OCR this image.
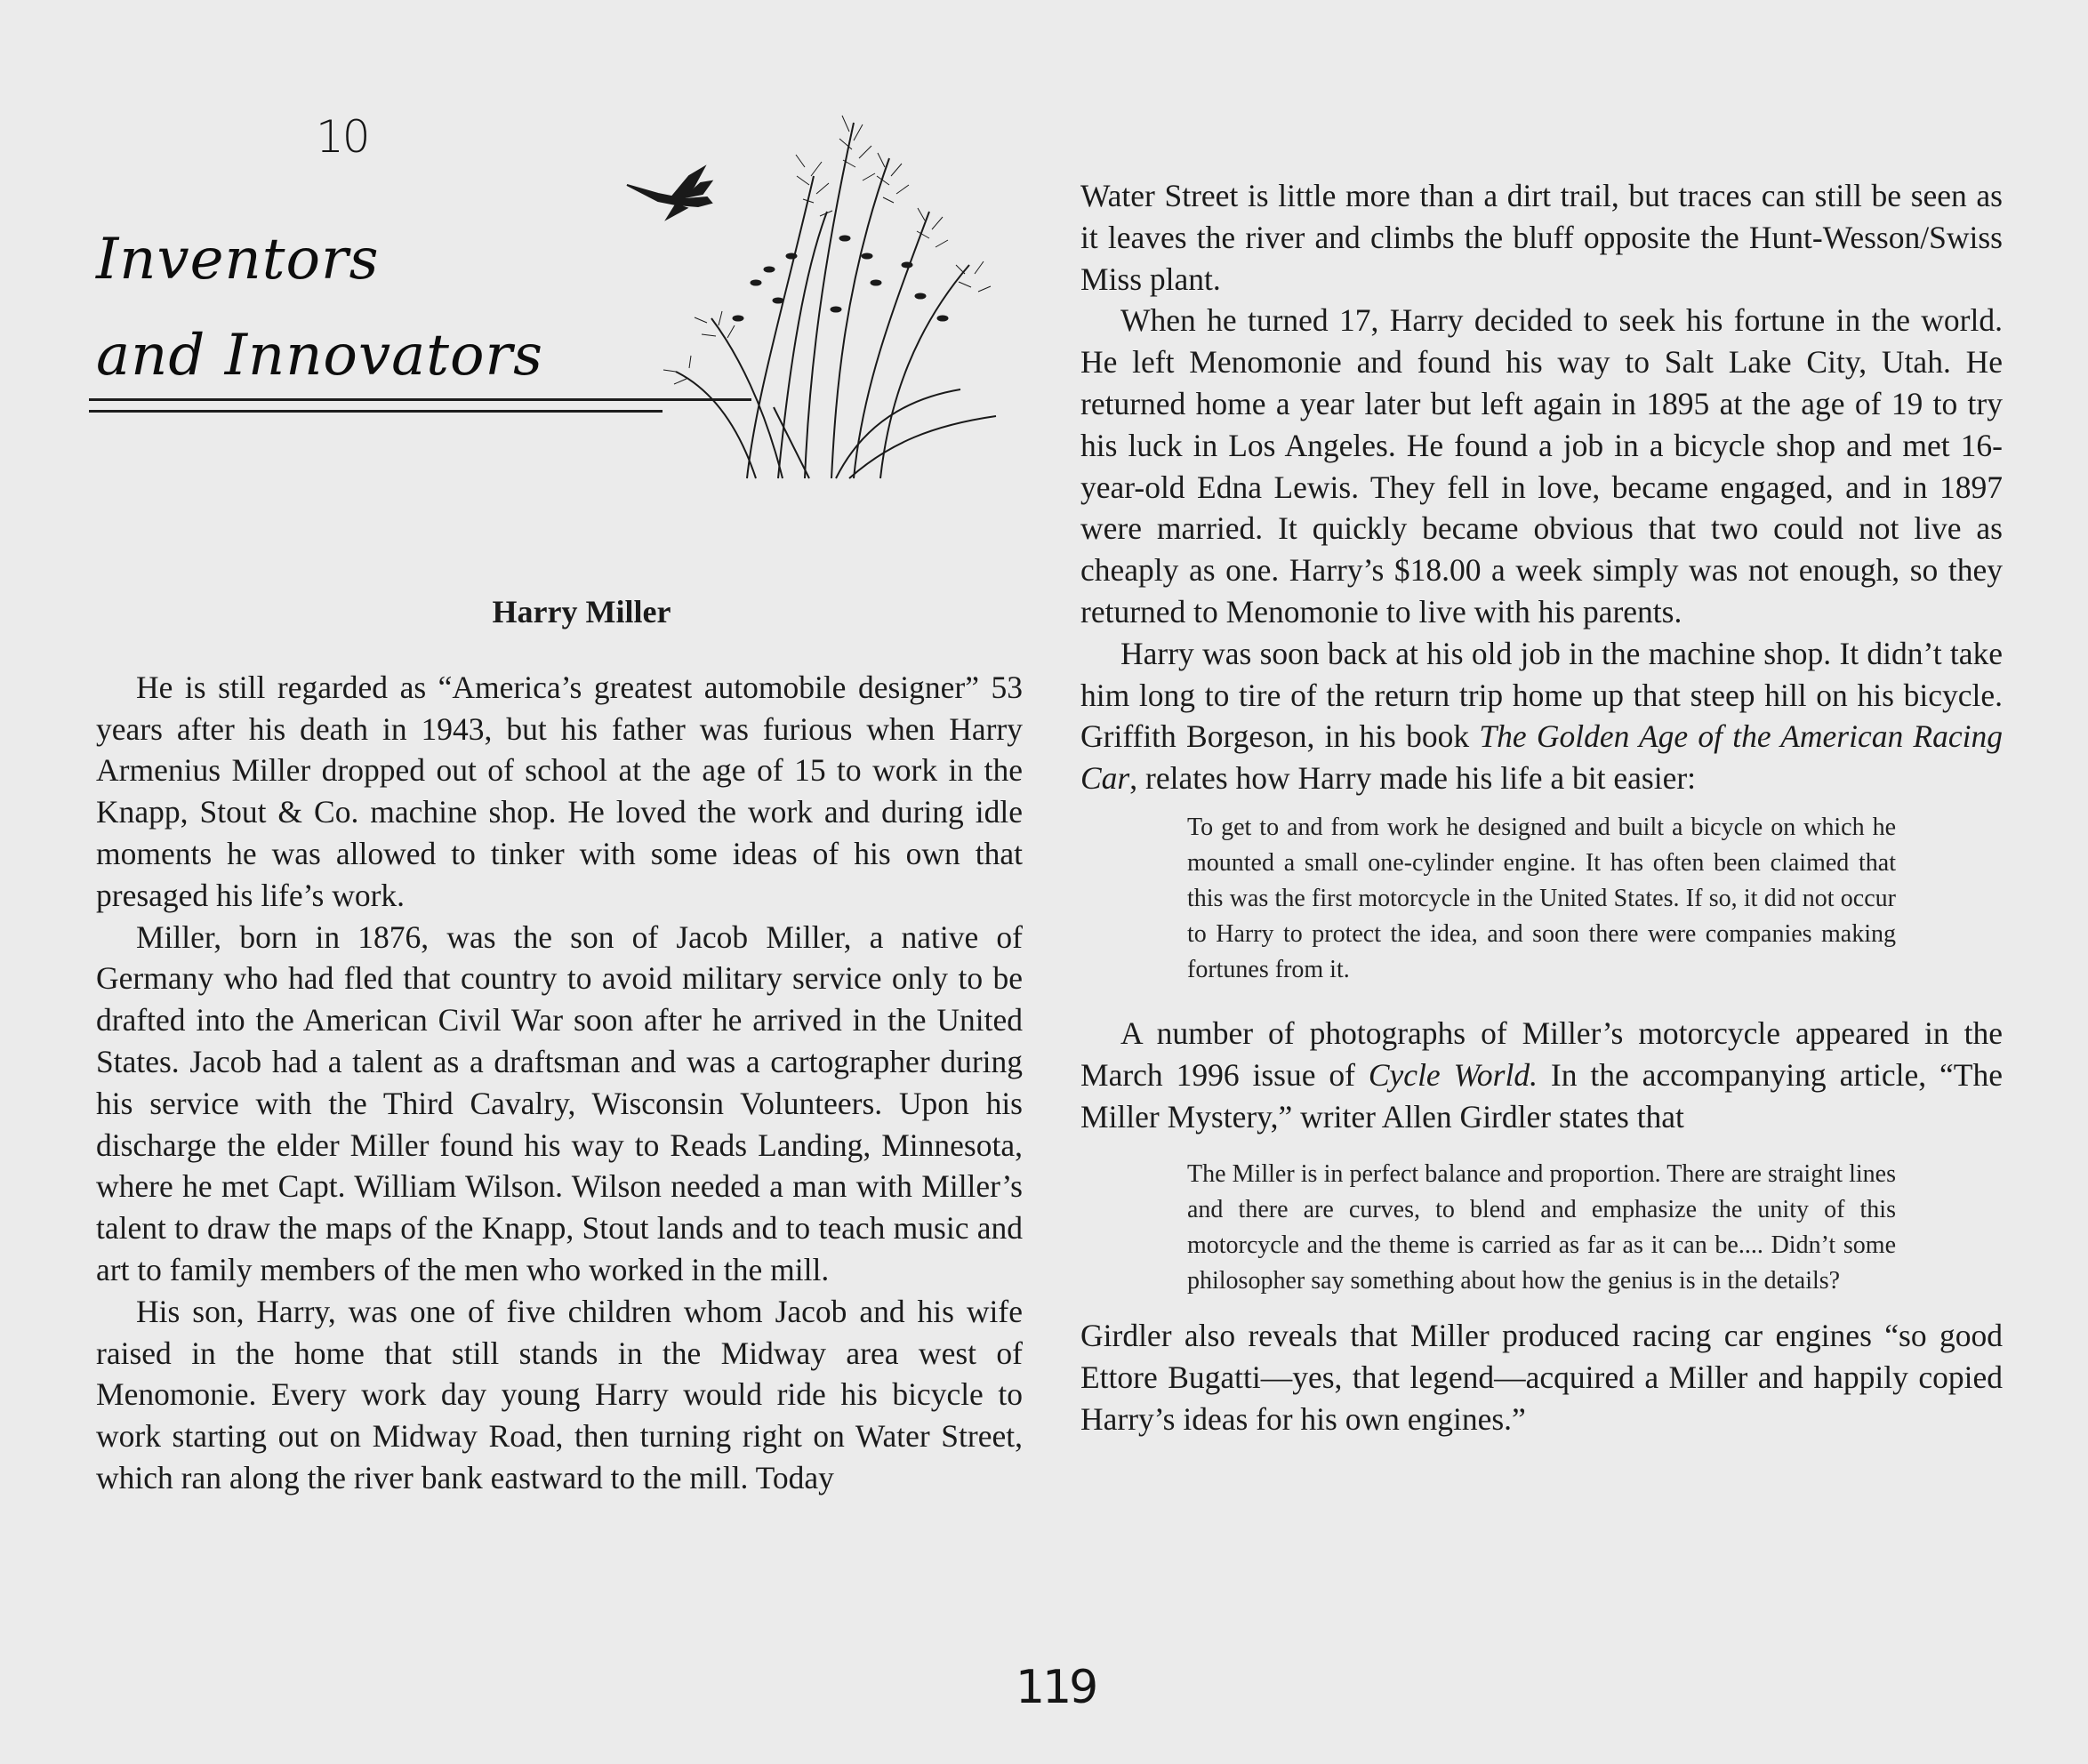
10
Inventors
and Innovators
Harry Miller

He is still regarded as “America’s greatest automobile designer” 53 years after his death in 1943, but his father was furious when Harry Armenius Miller dropped out of school at the age of 15 to work in the Knapp, Stout & Co. machine shop. He loved the work and during idle moments he was allowed to tinker with some ideas of his own that presaged his life’s work.

Miller, born in 1876, was the son of Jacob Miller, a native of Germany who had fled that country to avoid military service only to be drafted into the American Civil War soon after he arrived in the United States. Jacob had a talent as a draftsman and was a cartographer during his service with the Third Cavalry, Wisconsin Volunteers. Upon his discharge the elder Miller found his way to Reads Landing, Minnesota, where he met Capt. William Wilson. Wilson needed a man with Miller’s talent to draw the maps of the Knapp, Stout lands and to teach music and art to family members of the men who worked in the mill.

His son, Harry, was one of five children whom Jacob and his wife raised in the home that still stands in the Midway area west of Menomonie. Every work day young Harry would ride his bicycle to work starting out on Midway Road, then turning right on Water Street, which ran along the river bank eastward to the mill. Today

Water Street is little more than a dirt trail, but traces can still be seen as it leaves the river and climbs the bluff opposite the Hunt-Wesson/Swiss Miss plant.

When he turned 17, Harry decided to seek his fortune in the world. He left Menomonie and found his way to Salt Lake City, Utah. He returned home a year later but left again in 1895 at the age of 19 to try his luck in Los Angeles. He found a job in a bicycle shop and met 16-year-old Edna Lewis. They fell in love, became engaged, and in 1897 were married. It quickly became obvious that two could not live as cheaply as one. Harry’s $18.00 a week simply was not enough, so they returned to Menomonie to live with his parents.

Harry was soon back at his old job in the machine shop. It didn’t take him long to tire of the return trip home up that steep hill on his bicycle. Griffith Borgeson, in his book The Golden Age of the American Racing Car, relates how Harry made his life a bit easier:

To get to and from work he designed and built a bicycle on which he mounted a small one-cylinder engine. It has often been claimed that this was the first motorcycle in the United States. If so, it did not occur to Harry to protect the idea, and soon there were companies making fortunes from it.

A number of photographs of Miller’s motorcycle appeared in the March 1996 issue of Cycle World. In the accompanying article, “The Miller Mystery,” writer Allen Girdler states that

The Miller is in perfect balance and proportion. There are straight lines and there are curves, to blend and emphasize the unity of this motorcycle and the theme is carried as far as it can be.... Didn’t some philosopher say something about how the genius is in the details?

Girdler also reveals that Miller produced racing car engines “so good Ettore Bugatti—yes, that legend—acquired a Miller and happily copied Harry’s ideas for his own engines.”

119
